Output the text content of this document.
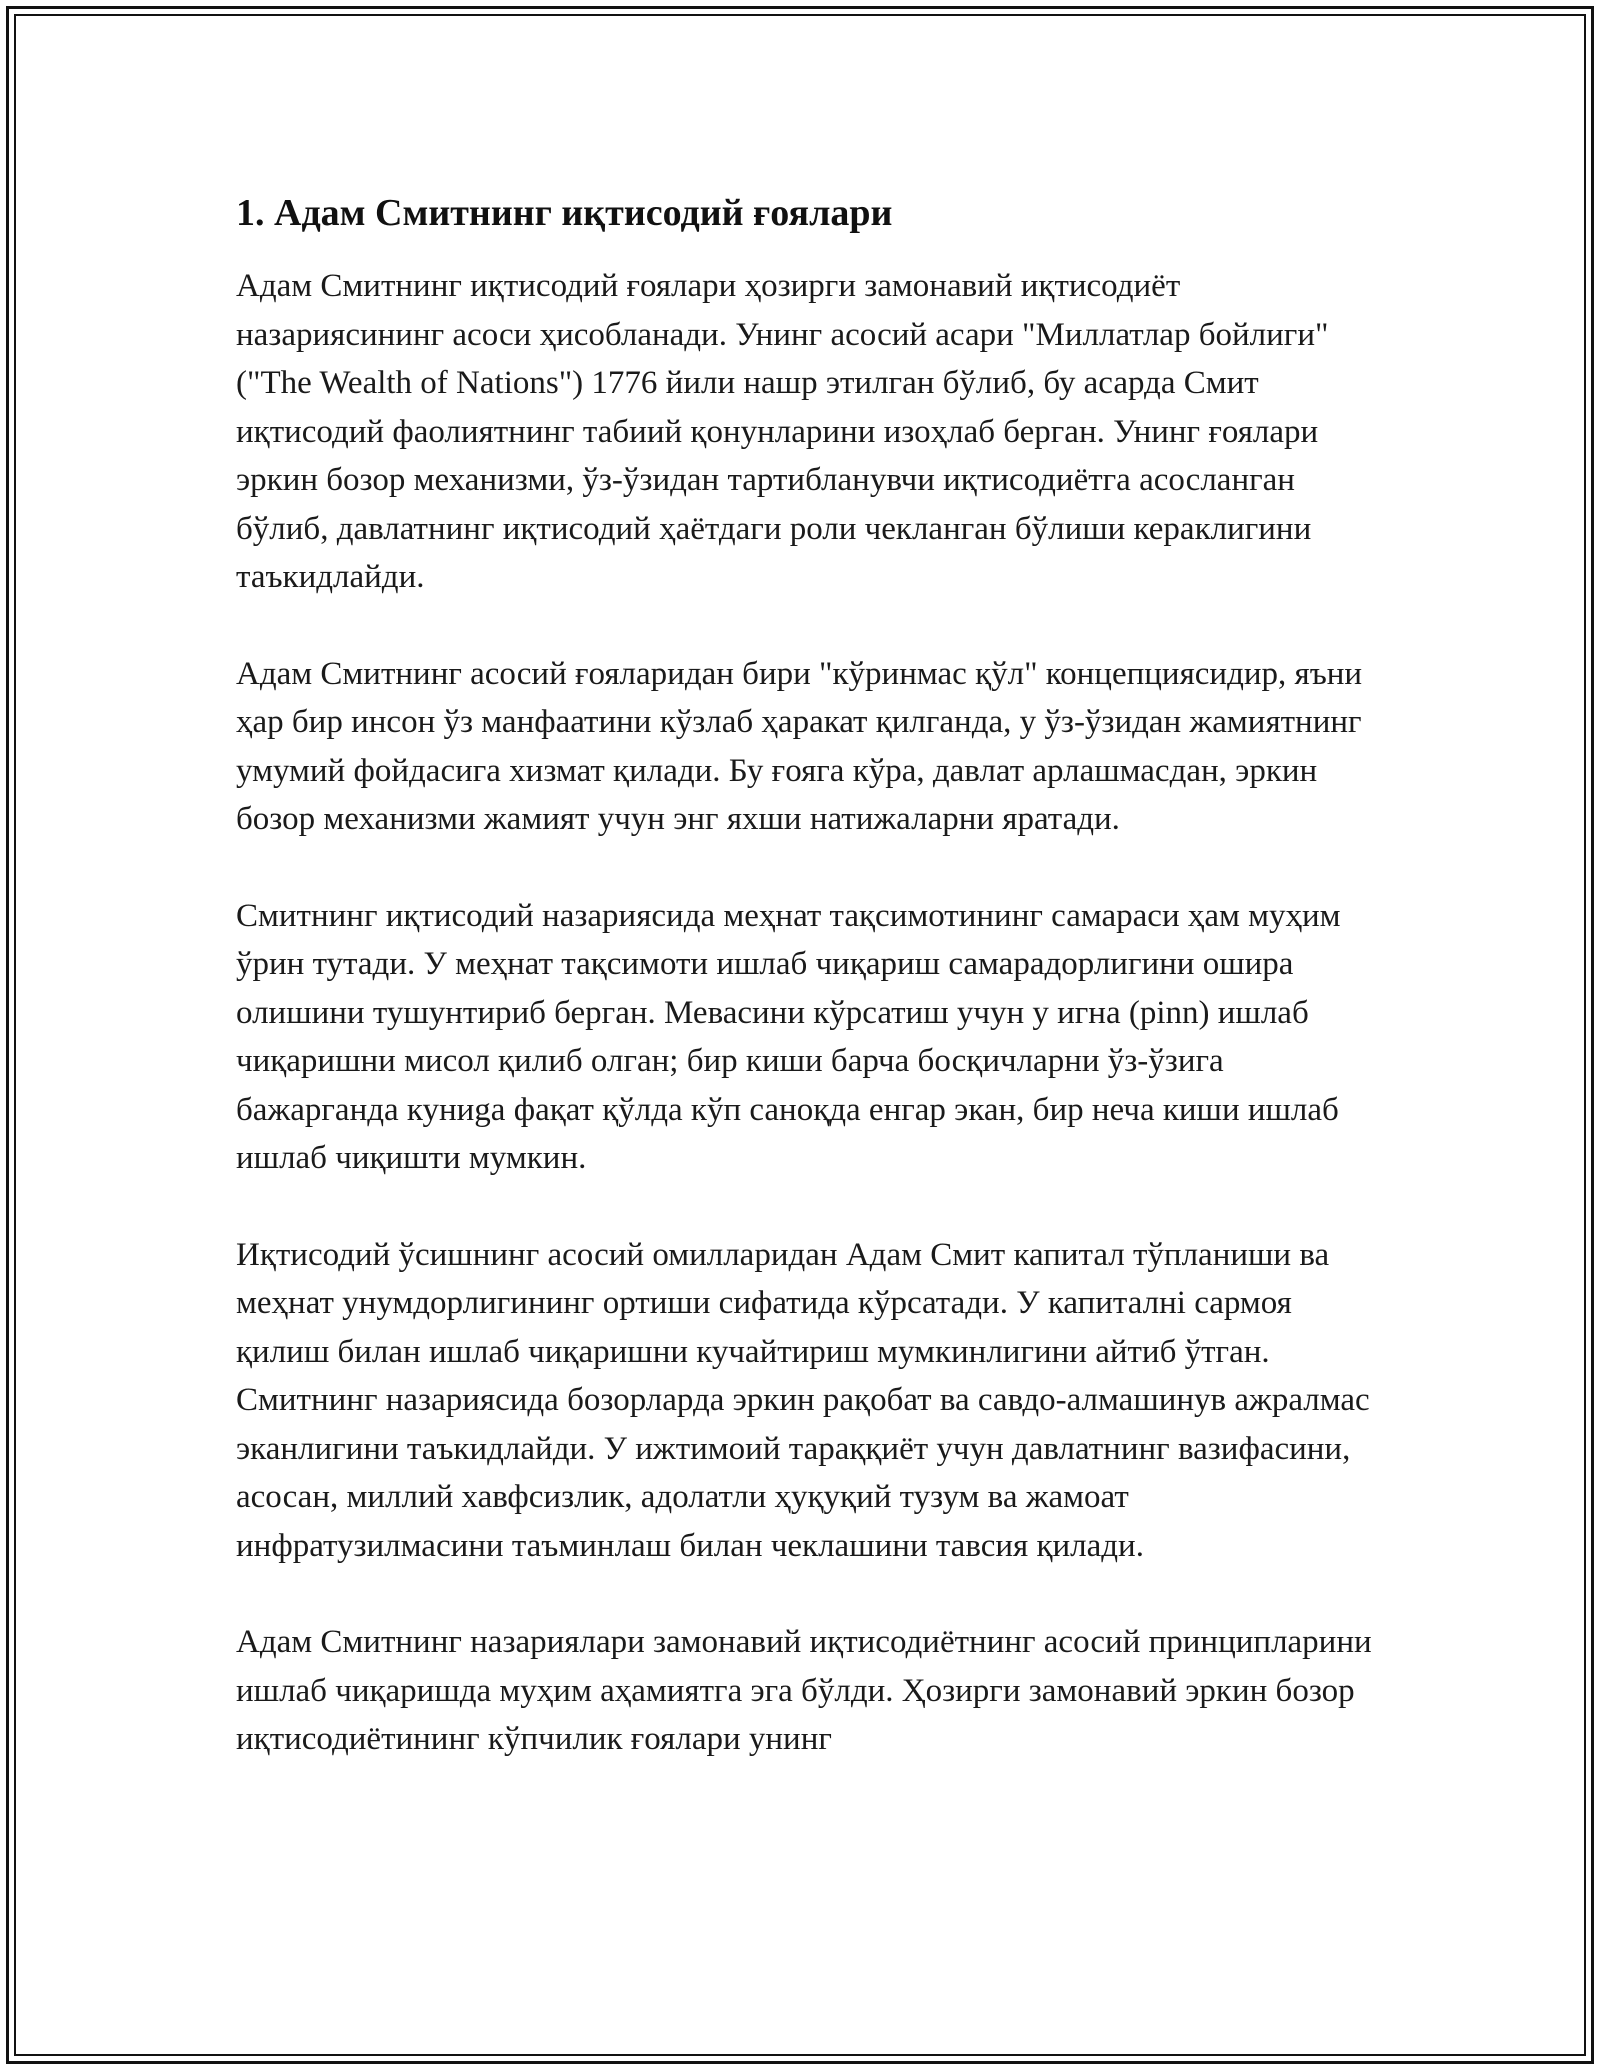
1. Адам Смитнинг иқтисодий ғоялари

Адам Смитнинг иқтисодий ғоялари ҳозирги замонавий иқтисодиёт назариясининг асоси ҳисобланади. Унинг асосий асари "Миллатлар бойлиги" ("The Wealth of Nations") 1776 йили нашр этилган бўлиб, бу асарда Смит иқтисодий фаолиятнинг табиий қонунларини изоҳлаб берган. Унинг ғоялари эркин бозор механизми, ўз-ўзидан тартибланувчи иқтисодиётга асосланган бўлиб, давлатнинг иқтисодий ҳаётдаги роли чекланган бўлиши кераклигини таъкидлайди.

Адам Смитнинг асосий ғояларидан бири "кўринмас қўл" концепциясидир, яъни ҳар бир инсон ўз манфаатини кўзлаб ҳаракат қилганда, у ўз-ўзидан жамиятнинг умумий фойдасига хизмат қилади. Бу ғояга кўра, давлат арлашмасдан, эркин бозор механизми жамият учун энг яхши натижаларни яратади.

Смитнинг иқтисодий назариясида меҳнат тақсимотининг самараси ҳам муҳим ўрин тутади. У меҳнат тақсимоти ишлаб чиқариш самарадорлигини ошира олишини тушунтириб берган. Мевасини кўрсатиш учун у игна (pinn) ишлаб чиқаришни мисол қилиб олган; бир киши барча босқичларни ўз-ўзига бажарганда куниga фақат қўлда кўп саноқда енгар экан, бир неча киши ишлаб ишлаб чиқишти мумкин.

Иқтисодий ўсишнинг асосий омилларидан Адам Смит капитал тўпланиши ва меҳнат унумдорлигининг ортиши сифатида кўрсатади. У капиталнi сармоя қилиш билан ишлаб чиқаришни кучайтириш мумкинлигини айтиб ўтган. Смитнинг назариясида бозорларда эркин рақобат ва савдо-алмашинув ажралмас эканлигини таъкидлайди. У ижтимоий тараққиёт учун давлатнинг вазифасини, асосан, миллий хавфсизлик, адолатли ҳуқуқий тузум ва жамоат инфратузилмасини таъминлаш билан чеклашини тавсия қилади.

Адам Смитнинг назариялари замонавий иқтисодиётнинг асосий принципларини ишлаб чиқаришда муҳим аҳамиятга эга бўлди. Ҳозирги замонавий эркин бозор иқтисодиётининг кўпчилик ғоялари унинг
